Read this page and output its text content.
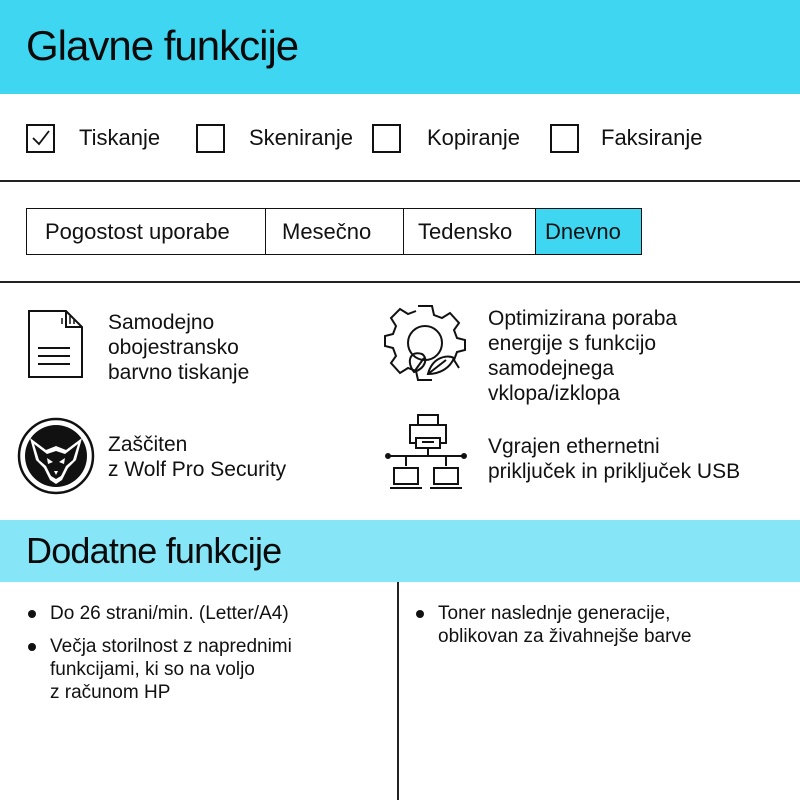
Glavne funkcije
Tiskanje	Skeniranje	Kopiranje	Faksiranje
Pogostost uporabe	Mesečno	Tedensko	Dnevno
Samodejno
obojestransko
barvno tiskanje
Optimizirana poraba
energije s funkcijo
samodejnega
vklopa/izklopa
Zaščiten
z Wolf Pro Security
Vgrajen ethernetni
priključek in priključek USB
Dodatne funkcije
Do 26 strani/min. (Letter/A4)
Večja storilnost z naprednimi
funkcijami, ki so na voljo
z računom HP
Toner naslednje generacije,
oblikovan za živahnejše barve
